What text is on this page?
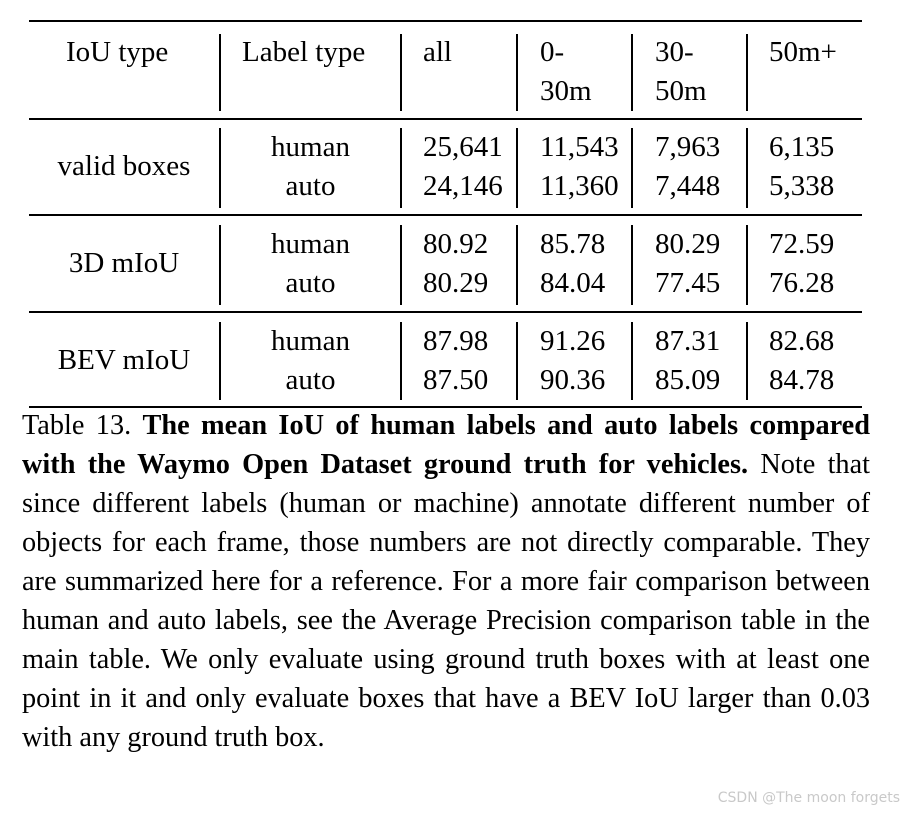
IoU type	Label type all	0-
30m
30-
50m
50m+
valid boxes
human
auto
25,641
24,146
11,543
11,360
7,963
7,448
6,135
5,338
3D mIoU
human
auto
80.92
80.29
85.78
84.04
80.29
77.45
72.59
76.28
BEV mIoU
human
auto
87.98
87.50
91.26
90.36
87.31
85.09
82.68
84.78
Table 13. The mean IoU of human labels and auto labels compared with the Waymo Open Dataset ground truth for vehicles. Note that since different labels (human or machine) annotate different number of objects for each frame, those numbers are not directly comparable. They are summarized here for a reference. For a more fair comparison between human and auto labels, see the Average Precision comparison table in the main table. We only evaluate using ground truth boxes with at least one point in it and only evaluate boxes that have a BEV IoU larger than 0.03 with any ground truth box.
CSDN @The moon forgets
